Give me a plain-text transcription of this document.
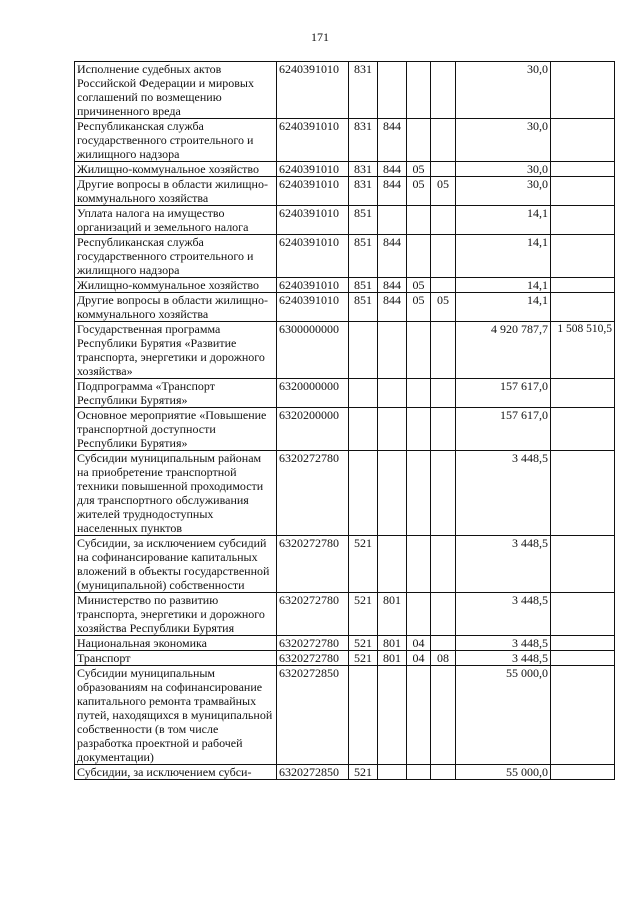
171
Исполнение судебных актов Российской Федерации и мировых соглашений по возмещению причиненного вреда	6240391010	831				30,0	
Республиканская служба государственного строительного и жилищного надзора	6240391010	831	844			30,0	
Жилищно-коммунальное хозяйство	6240391010	831	844	05		30,0	
Другие вопросы в области жилищно-коммунального хозяйства	6240391010	831	844	05	05	30,0	
Уплата налога на имущество организаций и земельного налога	6240391010	851				14,1	
Республиканская служба государственного строительного и жилищного надзора	6240391010	851	844			14,1	
Жилищно-коммунальное хозяйство	6240391010	851	844	05		14,1	
Другие вопросы в области жилищно-коммунального хозяйства	6240391010	851	844	05	05	14,1	
Государственная программа Республики Бурятия «Развитие транспорта, энергетики и дорожного хозяйства»	6300000000					4 920 787,7	1 508 510,5
Подпрограмма «Транспорт Республики Бурятия»	6320000000					157 617,0	
Основное мероприятие «Повышение транспортной доступности Республики Бурятия»	6320200000					157 617,0	
Субсидии муниципальным районам на приобретение транспортной техники повышенной проходимости для транспортного обслуживания жителей труднодоступных населенных пунктов	6320272780					3 448,5	
Субсидии, за исключением субсидий на софинансирование капитальных вложений в объекты государственной (муниципальной) собственности	6320272780	521				3 448,5	
Министерство по развитию транспорта, энергетики и дорожного хозяйства Республики Бурятия	6320272780	521	801			3 448,5	
Национальная экономика	6320272780	521	801	04		3 448,5	
Транспорт	6320272780	521	801	04	08	3 448,5	
Субсидии муниципальным образованиям на софинансирование капитального ремонта трамвайных путей, находящихся в муниципальной собственности (в том числе разработка проектной и рабочей документации)	6320272850					55 000,0	
Субсидии, за исключением субси-	6320272850	521				55 000,0	
